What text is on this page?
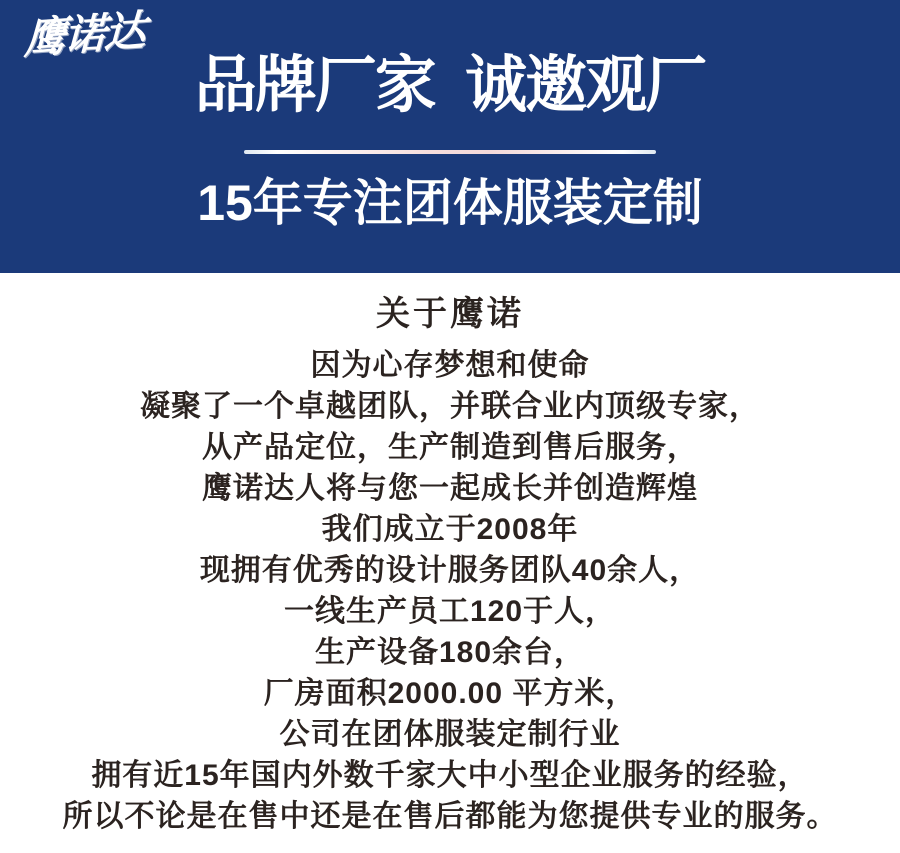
鹰诺达
品牌厂家  诚邀观厂
15年专注团体服装定制
关于鹰诺
因为心存梦想和使命
凝聚了一个卓越团队，并联合业内顶级专家，
从产品定位，生产制造到售后服务，
鹰诺达人将与您一起成长并创造辉煌
我们成立于2008年
现拥有优秀的设计服务团队40余人，
一线生产员工120于人，
生产设备180余台，
厂房面积2000.00 平方米，
公司在团体服装定制行业
拥有近15年国内外数千家大中小型企业服务的经验，
所以不论是在售中还是在售后都能为您提供专业的服务。
